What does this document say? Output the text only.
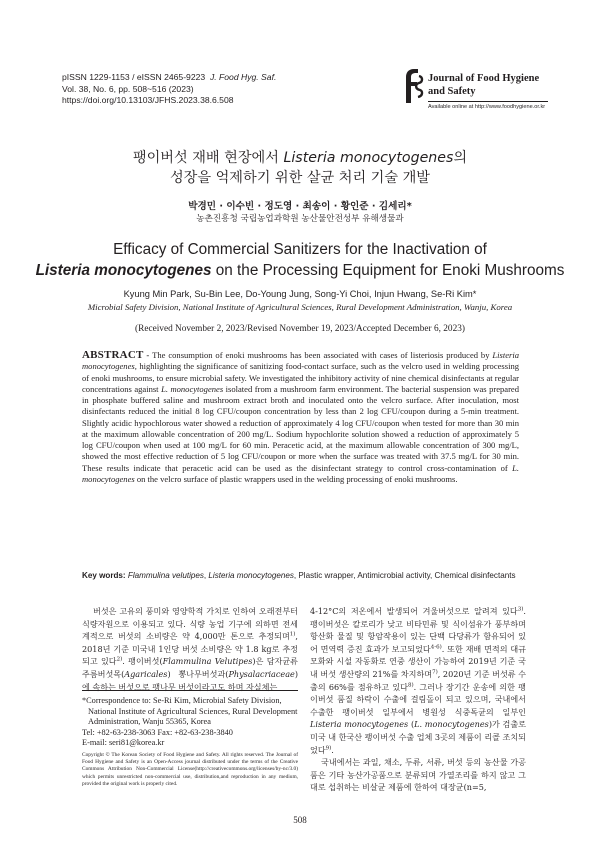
pISSN 1229-1153 / eISSN 2465-9223 J. Food Hyg. Saf.
Vol. 38, No. 6, pp. 508~516 (2023)
https://doi.org/10.13103/JFHS.2023.38.6.508
Journal of Food Hygiene
and Safety
Available online at http://www.foodhygiene.or.kr
팽이버섯 재배 현장에서 Listeria monocytogenes의
성장을 억제하기 위한 살균 처리 기술 개발
박경민 · 이수빈 · 정도영 · 최송이 · 황인준 · 김세리*
농촌진흥청 국립농업과학원 농산물안전성부 유해생물과
Efficacy of Commercial Sanitizers for the Inactivation of
Listeria monocytogenes on the Processing Equipment for Enoki Mushrooms
Kyung Min Park, Su-Bin Lee, Do-Young Jung, Song-Yi Choi, Injun Hwang, Se-Ri Kim*
Microbial Safety Division, National Institute of Agricultural Sciences, Rural Development Administration, Wanju, Korea
(Received November 2, 2023/Revised November 19, 2023/Accepted December 6, 2023)
ABSTRACT - The consumption of enoki mushrooms has been associated with cases of listeriosis produced by Listeria monocytogenes, highlighting the significance of sanitizing food-contact surface, such as the velcro used in welding processing of enoki mushrooms, to ensure microbial safety. We investigated the inhibitory activity of nine chemical disinfectants at regular concentrations against L. monocytogenes isolated from a mushroom farm environment. The bacterial suspension was prepared in phosphate buffered saline and mushroom extract broth and inoculated onto the velcro surface. After inoculation, most disinfectants reduced the initial 8 log CFU/coupon concentration by less than 2 log CFU/coupon during a 5-min treatment. Slightly acidic hypochlorous water showed a reduction of approximately 4 log CFU/coupon when tested for more than 30 min at the maximum allowable concentration of 200 mg/L. Sodium hypochlorite solution showed a reduction of approximately 5 log CFU/coupon when used at 100 mg/L for 60 min. Peracetic acid, at the maximum allowable concentration of 300 mg/L, showed the most effective reduction of 5 log CFU/coupon or more when the surface was treated with 37.5 mg/L for 30 min. These results indicate that peracetic acid can be used as the disinfectant strategy to control cross-contamination of L. monocytogenes on the velcro surface of plastic wrappers used in the welding processing of enoki mushrooms.
Key words: Flammulina velutipes, Listeria monocytogenes, Plastic wrapper, Antimicrobial activity, Chemical disinfectants

버섯은 고유의 풍미와 영양학적 가치로 인하여 오래전부터 식량자원으로 이용되고 있다. 식량 농업 기구에 의하면 전세계적으로 버섯의 소비량은 약 4,000만 톤으로 추정되며$^{1)}$, 2018년 기준 미국내 1인당 버섯 소비량은 약 1.8 kg로 추정되고 있다$^{2)}$. 팽이버섯(Flammulina Velutipes)은 담자균류 주름버섯목(Agaricales) 뽕나무버섯과(Physalacriaceae)에 속하는 버섯으로 팽나무 버섯이라고도 하며 자실체는

4-12°C의 저온에서 발생되어 겨울버섯으로 알려져 있다$^{3)}$. 팽이버섯은 칼로리가 낮고 비타민류 및 식이섬유가 풍부하며 항산화 물질 및 항암작용이 있는 단백 다당류가 함유되어 있어 면역력 증진 효과가 보고되었다$^{4-6)}$. 또한 재배 면적의 대규모화와 시설 자동화로 연중 생산이 가능하여 2019년 기준 국내 버섯 생산량의 21%를 차지하며$^{7)}$, 2020년 기준 버섯류 수출의 66%를 점유하고 있다$^{8)}$. 그러나 장기간 운송에 의한 팽이버섯 품질 하락이 수출에 걸림돌이 되고 있으며, 국내에서 수출한 팽이버섯 일부에서 병원성 식중독균의 일부인 Listeria monocytogenes (L. monocytogenes)가 검출로 미국 내 한국산 팽이버섯 수출 업체 3곳의 제품이 리콜 조치되었다$^{9)}$.

국내에서는 과일, 채소, 두류, 서류, 버섯 등의 농산물 가공품은 기타 농산가공품으로 분류되며 가열조리를 하지 않고 그대로 섭취하는 비살균 제품에 한하여 대장균(n=5,

*Correspondence to: Se-Ri Kim, Microbial Safety Division,
National Institute of Agricultural Sciences, Rural Development
Administration, Wanju 55365, Korea
Tel: +82-63-238-3063 Fax: +82-63-238-3840
E-mail: seri81@korea.kr
Copyright © The Korean Society of Food Hygiene and Safety. All rights reserved. The Journal of Food Hygiene and Safety is an Open-Access journal distributed under the terms of the Creative Commons Attribution Non-Commercial License(http://creativecommons.org/licenses/by-nc/3.0) which permits unrestricted non-commercial use, distribution,and reproduction in any medium, provided the original work is properly cited.
508
